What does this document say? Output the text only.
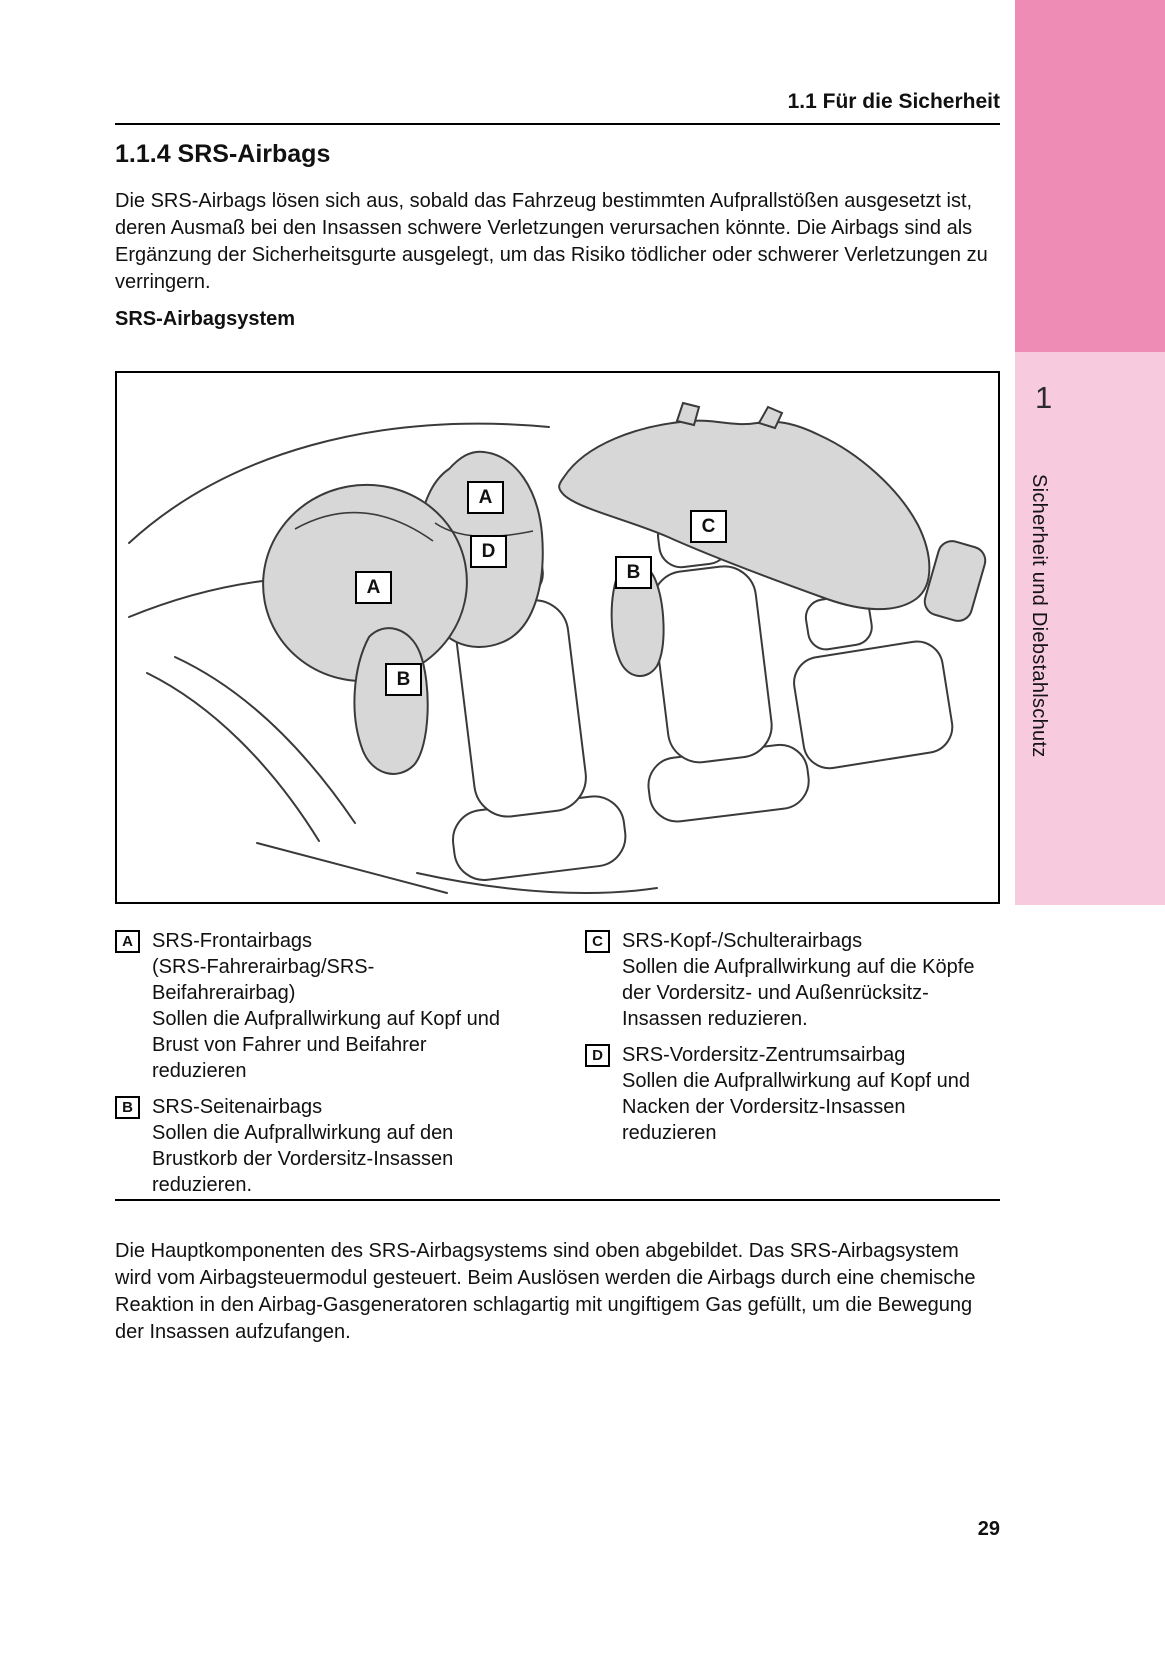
1
Sicherheit und Diebstahlschutz
1.1 Für die Sicherheit
1.1.4 SRS-Airbags

Die SRS-Airbags lösen sich aus, sobald das Fahrzeug bestimmten Aufprallstößen ausgesetzt ist, deren Ausmaß bei den Insassen schwere Verletzungen verursachen könnte. Die Airbags sind als Ergänzung der Sicherheitsgurte ausgelegt, um das Risiko tödlicher oder schwerer Verletzungen zu verringern.

SRS-Airbagsystem
A
D
A
B
B
C
A SRS-Frontairbags
(SRS-Fahrerairbag/SRS-Beifahrerairbag)
Sollen die Aufprallwirkung auf Kopf und Brust von Fahrer und Beifahrer reduzieren
B SRS-Seitenairbags
Sollen die Aufprallwirkung auf den Brustkorb der Vordersitz-Insassen reduzieren.
C SRS-Kopf-/Schulterairbags
Sollen die Aufprallwirkung auf die Köpfe der Vordersitz- und Außenrücksitz-Insassen reduzieren.
D SRS-Vordersitz-Zentrumsairbag
Sollen die Aufprallwirkung auf Kopf und Nacken der Vordersitz-Insassen reduzieren

Die Hauptkomponenten des SRS-Airbagsystems sind oben abgebildet. Das SRS-Airbagsystem wird vom Airbagsteuermodul gesteuert. Beim Auslösen werden die Airbags durch eine chemische Reaktion in den Airbag-Gasgeneratoren schlagartig mit ungiftigem Gas gefüllt, um die Bewegung der Insassen aufzufangen.

29
